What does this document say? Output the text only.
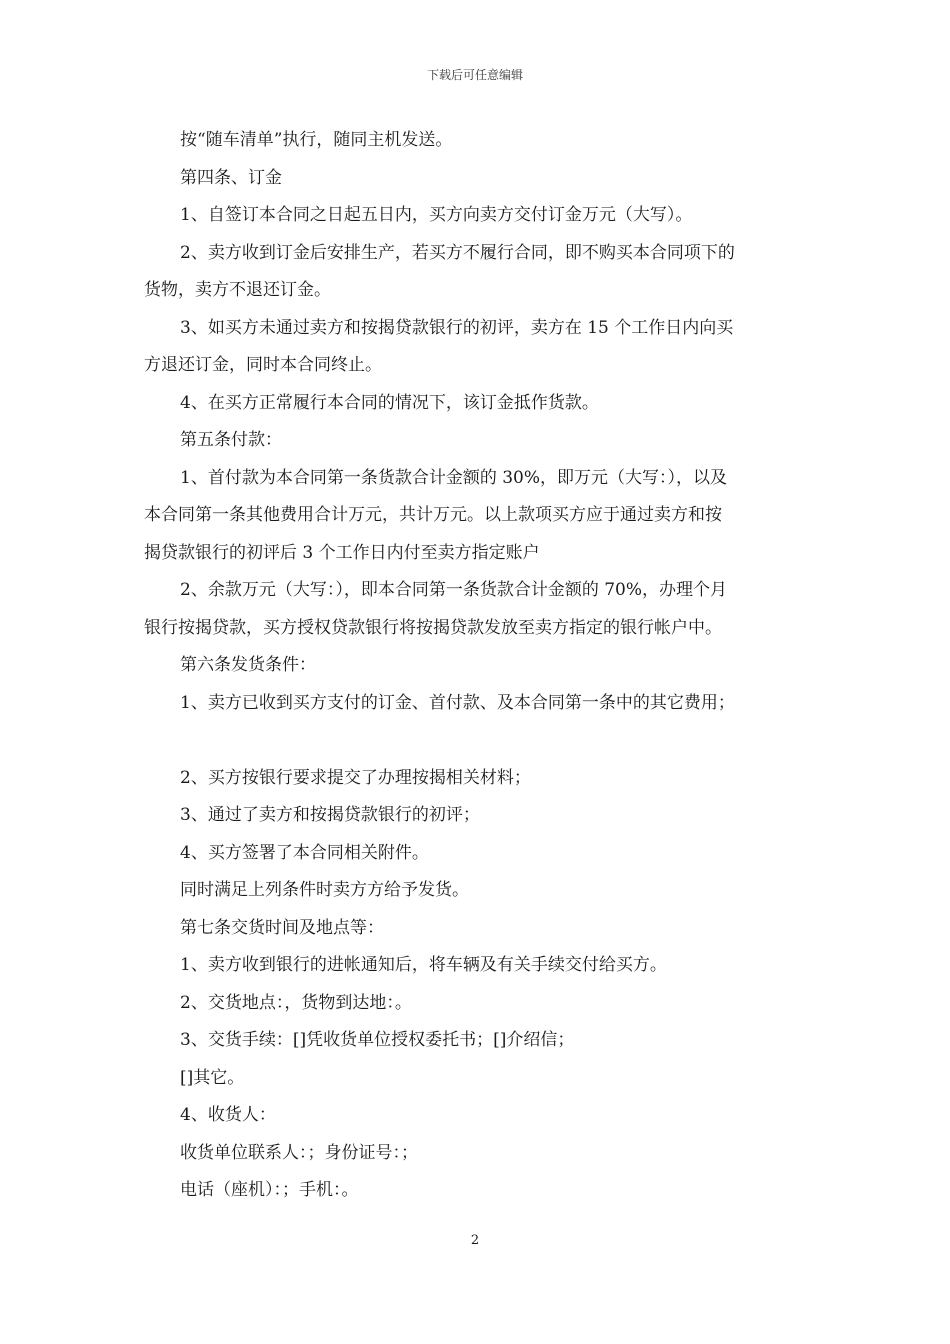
下载后可任意编辑

按“随车清单”执行，随同主机发送。

第四条、订金

1、自签订本合同之日起五日内，买方向卖方交付订金万元（大写）。

2、卖方收到订金后安排生产，若买方不履行合同，即不购买本合同项下的

货物，卖方不退还订金。

3、如买方未通过卖方和按揭贷款银行的初评，卖方在 15 个工作日内向买

方退还订金，同时本合同终止。

4、在买方正常履行本合同的情况下，该订金抵作货款。

第五条付款：

1、首付款为本合同第一条货款合计金额的 30%，即万元（大写：），以及

本合同第一条其他费用合计万元，共计万元。以上款项买方应于通过卖方和按

揭贷款银行的初评后 3 个工作日内付至卖方指定账户

2、余款万元（大写：），即本合同第一条货款合计金额的 70%，办理个月

银行按揭贷款，买方授权贷款银行将按揭贷款发放至卖方指定的银行帐户中。

第六条发货条件：

1、卖方已收到买方支付的订金、首付款、及本合同第一条中的其它费用；

2、买方按银行要求提交了办理按揭相关材料；

3、通过了卖方和按揭贷款银行的初评；

4、买方签署了本合同相关附件。

同时满足上列条件时卖方方给予发货。

第七条交货时间及地点等：

1、卖方收到银行的进帐通知后，将车辆及有关手续交付给买方。

2、交货地点：，货物到达地：。

3、交货手续：[]凭收货单位授权委托书；[]介绍信；

[]其它。

4、收货人：

收货单位联系人：；身份证号：；

电话（座机）：；手机：。

2
